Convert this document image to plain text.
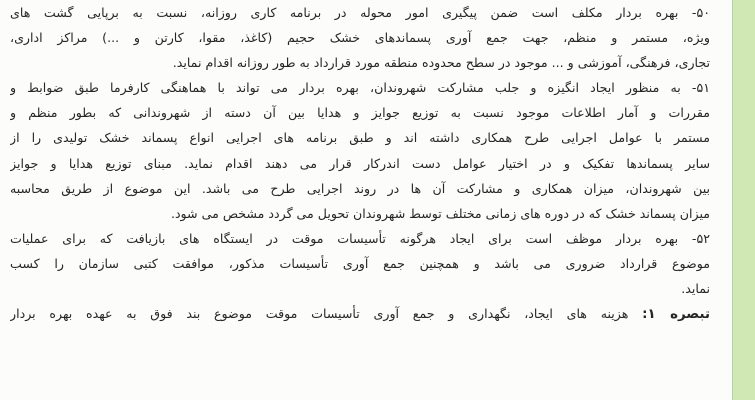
۵۰- بهره بردار مکلف است ضمن پیگیری امور محوله در برنامه کاری روزانه، نسبت به برپایی گشت های
ویژه، مستمر و منظم، جهت جمع آوری پسماندهای خشک حجیم (کاغذ، مقوا، کارتن و ...) مراکز اداری،
تجاری، فرهنگی، آموزشی و ... موجود در سطح محدوده منطقه مورد قرارداد به طور روزانه اقدام نماید.
۵۱- به منظور ایجاد انگیزه و جلب مشارکت شهروندان، بهره بردار می تواند با هماهنگی کارفرما طبق ضوابط و
مقررات و آمار اطلاعات موجود نسبت به توزیع جوایز و هدایا بین آن دسته از شهروندانی که بطور منظم و
مستمر با عوامل اجرایی طرح همکاری داشته اند و طبق برنامه های اجرایی انواع پسماند خشک تولیدی را از
سایر پسماندها تفکیک و در اختیار عوامل دست اندرکار قرار می دهند اقدام نماید. مبنای توزیع هدایا و جوایز
بین شهروندان، میزان همکاری و مشارکت آن ها در روند اجرایی طرح می باشد. این موضوع از طریق محاسبه
میزان پسماند خشک که در دوره های زمانی مختلف توسط شهروندان تحویل می گردد مشخص می شود.
۵۲- بهره بردار موظف است برای ایجاد هرگونه تأسیسات موقت در ایستگاه های بازیافت که برای عملیات
موضوع قرارداد ضروری می باشد و همچنین جمع آوری تأسیسات مذکور، موافقت کتبی سازمان را کسب
نماید.
تبصره ۱: هزینه های ایجاد، نگهداری و جمع آوری تأسیسات موقت موضوع بند فوق به عهده بهره بردار
